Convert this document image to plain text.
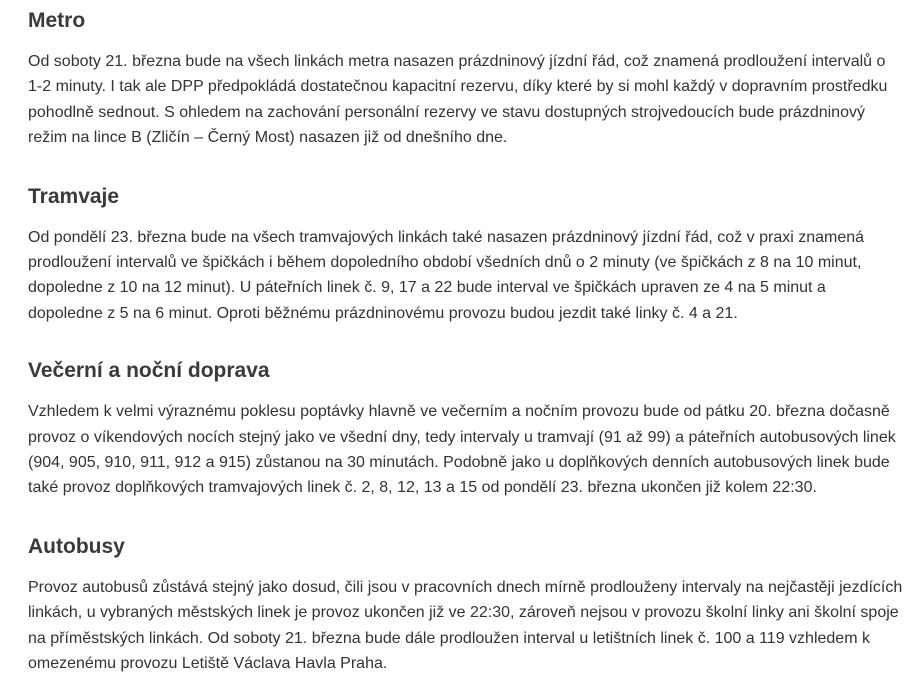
Metro

Od soboty 21. března bude na všech linkách metra nasazen prázdninový jízdní řád, což znamená prodloužení intervalů o 1-2 minuty. I tak ale DPP předpokládá dostatečnou kapacitní rezervu, díky které by si mohl každý v dopravním prostředku pohodlně sednout. S ohledem na zachování personální rezervy ve stavu dostupných strojvedoucích bude prázdninový režim na lince B (Zličín – Černý Most) nasazen již od dnešního dne.

Tramvaje

Od pondělí 23. března bude na všech tramvajových linkách také nasazen prázdninový jízdní řád, což v praxi znamená prodloužení intervalů ve špičkách i během dopoledního období všedních dnů o 2 minuty (ve špičkách z 8 na 10 minut, dopoledne z 10 na 12 minut). U páteřních linek č. 9, 17 a 22 bude interval ve špičkách upraven ze 4 na 5 minut a dopoledne z 5 na 6 minut. Oproti běžnému prázdninovému provozu budou jezdit také linky č. 4 a 21.

Večerní a noční doprava

Vzhledem k velmi výraznému poklesu poptávky hlavně ve večerním a nočním provozu bude od pátku 20. března dočasně provoz o víkendových nocích stejný jako ve všední dny, tedy intervaly u tramvají (91 až 99) a páteřních autobusových linek (904, 905, 910, 911, 912 a 915) zůstanou na 30 minutách. Podobně jako u doplňkových denních autobusových linek bude také provoz doplňkových tramvajových linek č. 2, 8, 12, 13 a 15 od pondělí 23. března ukončen již kolem 22:30.

Autobusy

Provoz autobusů zůstává stejný jako dosud, čili jsou v pracovních dnech mírně prodlouženy intervaly na nejčastěji jezdících linkách, u vybraných městských linek je provoz ukončen již ve 22:30, zároveň nejsou v provozu školní linky ani školní spoje na příměstských linkách. Od soboty 21. března bude dále prodloužen interval u letištních linek č. 100 a 119 vzhledem k omezenému provozu Letiště Václava Havla Praha.
